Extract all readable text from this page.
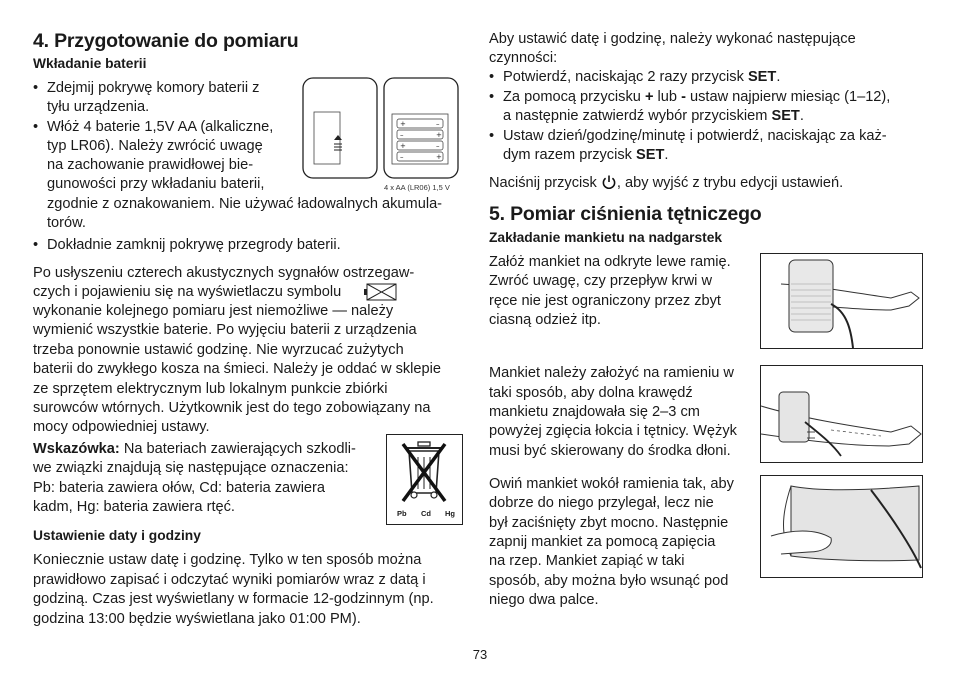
4. Przygotowanie do pomiaru
Wkładanie baterii
• Zdejmij pokrywę komory baterii z
tyłu urządzenia.
• Włóż 4 baterie 1,5V AA (alkaliczne,
typ LR06). Należy zwrócić uwagę
na zachowanie prawidłowej bie-
gunowości przy wkładaniu baterii,
zgodnie z oznakowaniem. Nie używać ładowalnych akumula-
torów.
• Dokładnie zamknij pokrywę przegrody baterii.
+	–
–	+
+	–
–	+
4 x AA (LR06) 1,5 V
Po usłyszeniu czterech akustycznych sygnałów ostrzegaw-
czych i pojawieniu się na wyświetlaczu symbolu
wykonanie kolejnego pomiaru jest niemożliwe — należy
wymienić wszystkie baterie. Po wyjęciu baterii z urządzenia
trzeba ponownie ustawić godzinę. Nie wyrzucać zużytych
baterii do zwykłego kosza na śmieci. Należy je oddać w sklepie
ze sprzętem elektrycznym lub lokalnym punkcie zbiórki
surowców wtórnych. Użytkownik jest do tego zobowiązany na
mocy odpowiedniej ustawy.
Wskazówka: Na bateriach zawierających szkodli-
we związki znajdują się następujące oznaczenia:
Pb: bateria zawiera ołów, Cd: bateria zawiera
kadm, Hg: bateria zawiera rtęć.	Pb Cd Hg
Ustawienie daty i godziny
Koniecznie ustaw datę i godzinę. Tylko w ten sposób można
prawidłowo zapisać i odczytać wyniki pomiarów wraz z datą i
godziną. Czas jest wyświetlany w formacie 12-godzinnym (np.
godzina 13:00 będzie wyświetlana jako 01:00 PM).
Aby ustawić datę i godzinę, należy wykonać następujące
czynności:
• Potwierdź, naciskając 2 razy przycisk SET.
• Za pomocą przycisku + lub - ustaw najpierw miesiąc (1–12),
a następnie zatwierdź wybór przyciskiem SET.
• Ustaw dzień/godzinę/minutę i potwierdź, naciskając za każ-
dym razem przycisk SET.
Naciśnij przycisk , aby wyjść z trybu edycji ustawień.
5. Pomiar ciśnienia tętniczego
Zakładanie mankietu na nadgarstek
Załóż mankiet na odkryte lewe ramię.
Zwróć uwagę, czy przepływ krwi w
ręce nie jest ograniczony przez zbyt
ciasną odzież itp.
Mankiet należy założyć na ramieniu w
taki sposób, aby dolna krawędź
mankietu znajdowała się 2–3 cm
powyżej zgięcia łokcia i tętnicy. Wężyk
musi być skierowany do środka dłoni.
Owiń mankiet wokół ramienia tak, aby
dobrze do niego przylegał, lecz nie
był zaciśnięty zbyt mocno. Następnie
zapnij mankiet za pomocą zapięcia
na rzep. Mankiet zapiąć w taki
sposób, aby można było wsunąć pod
niego dwa palce.
73
